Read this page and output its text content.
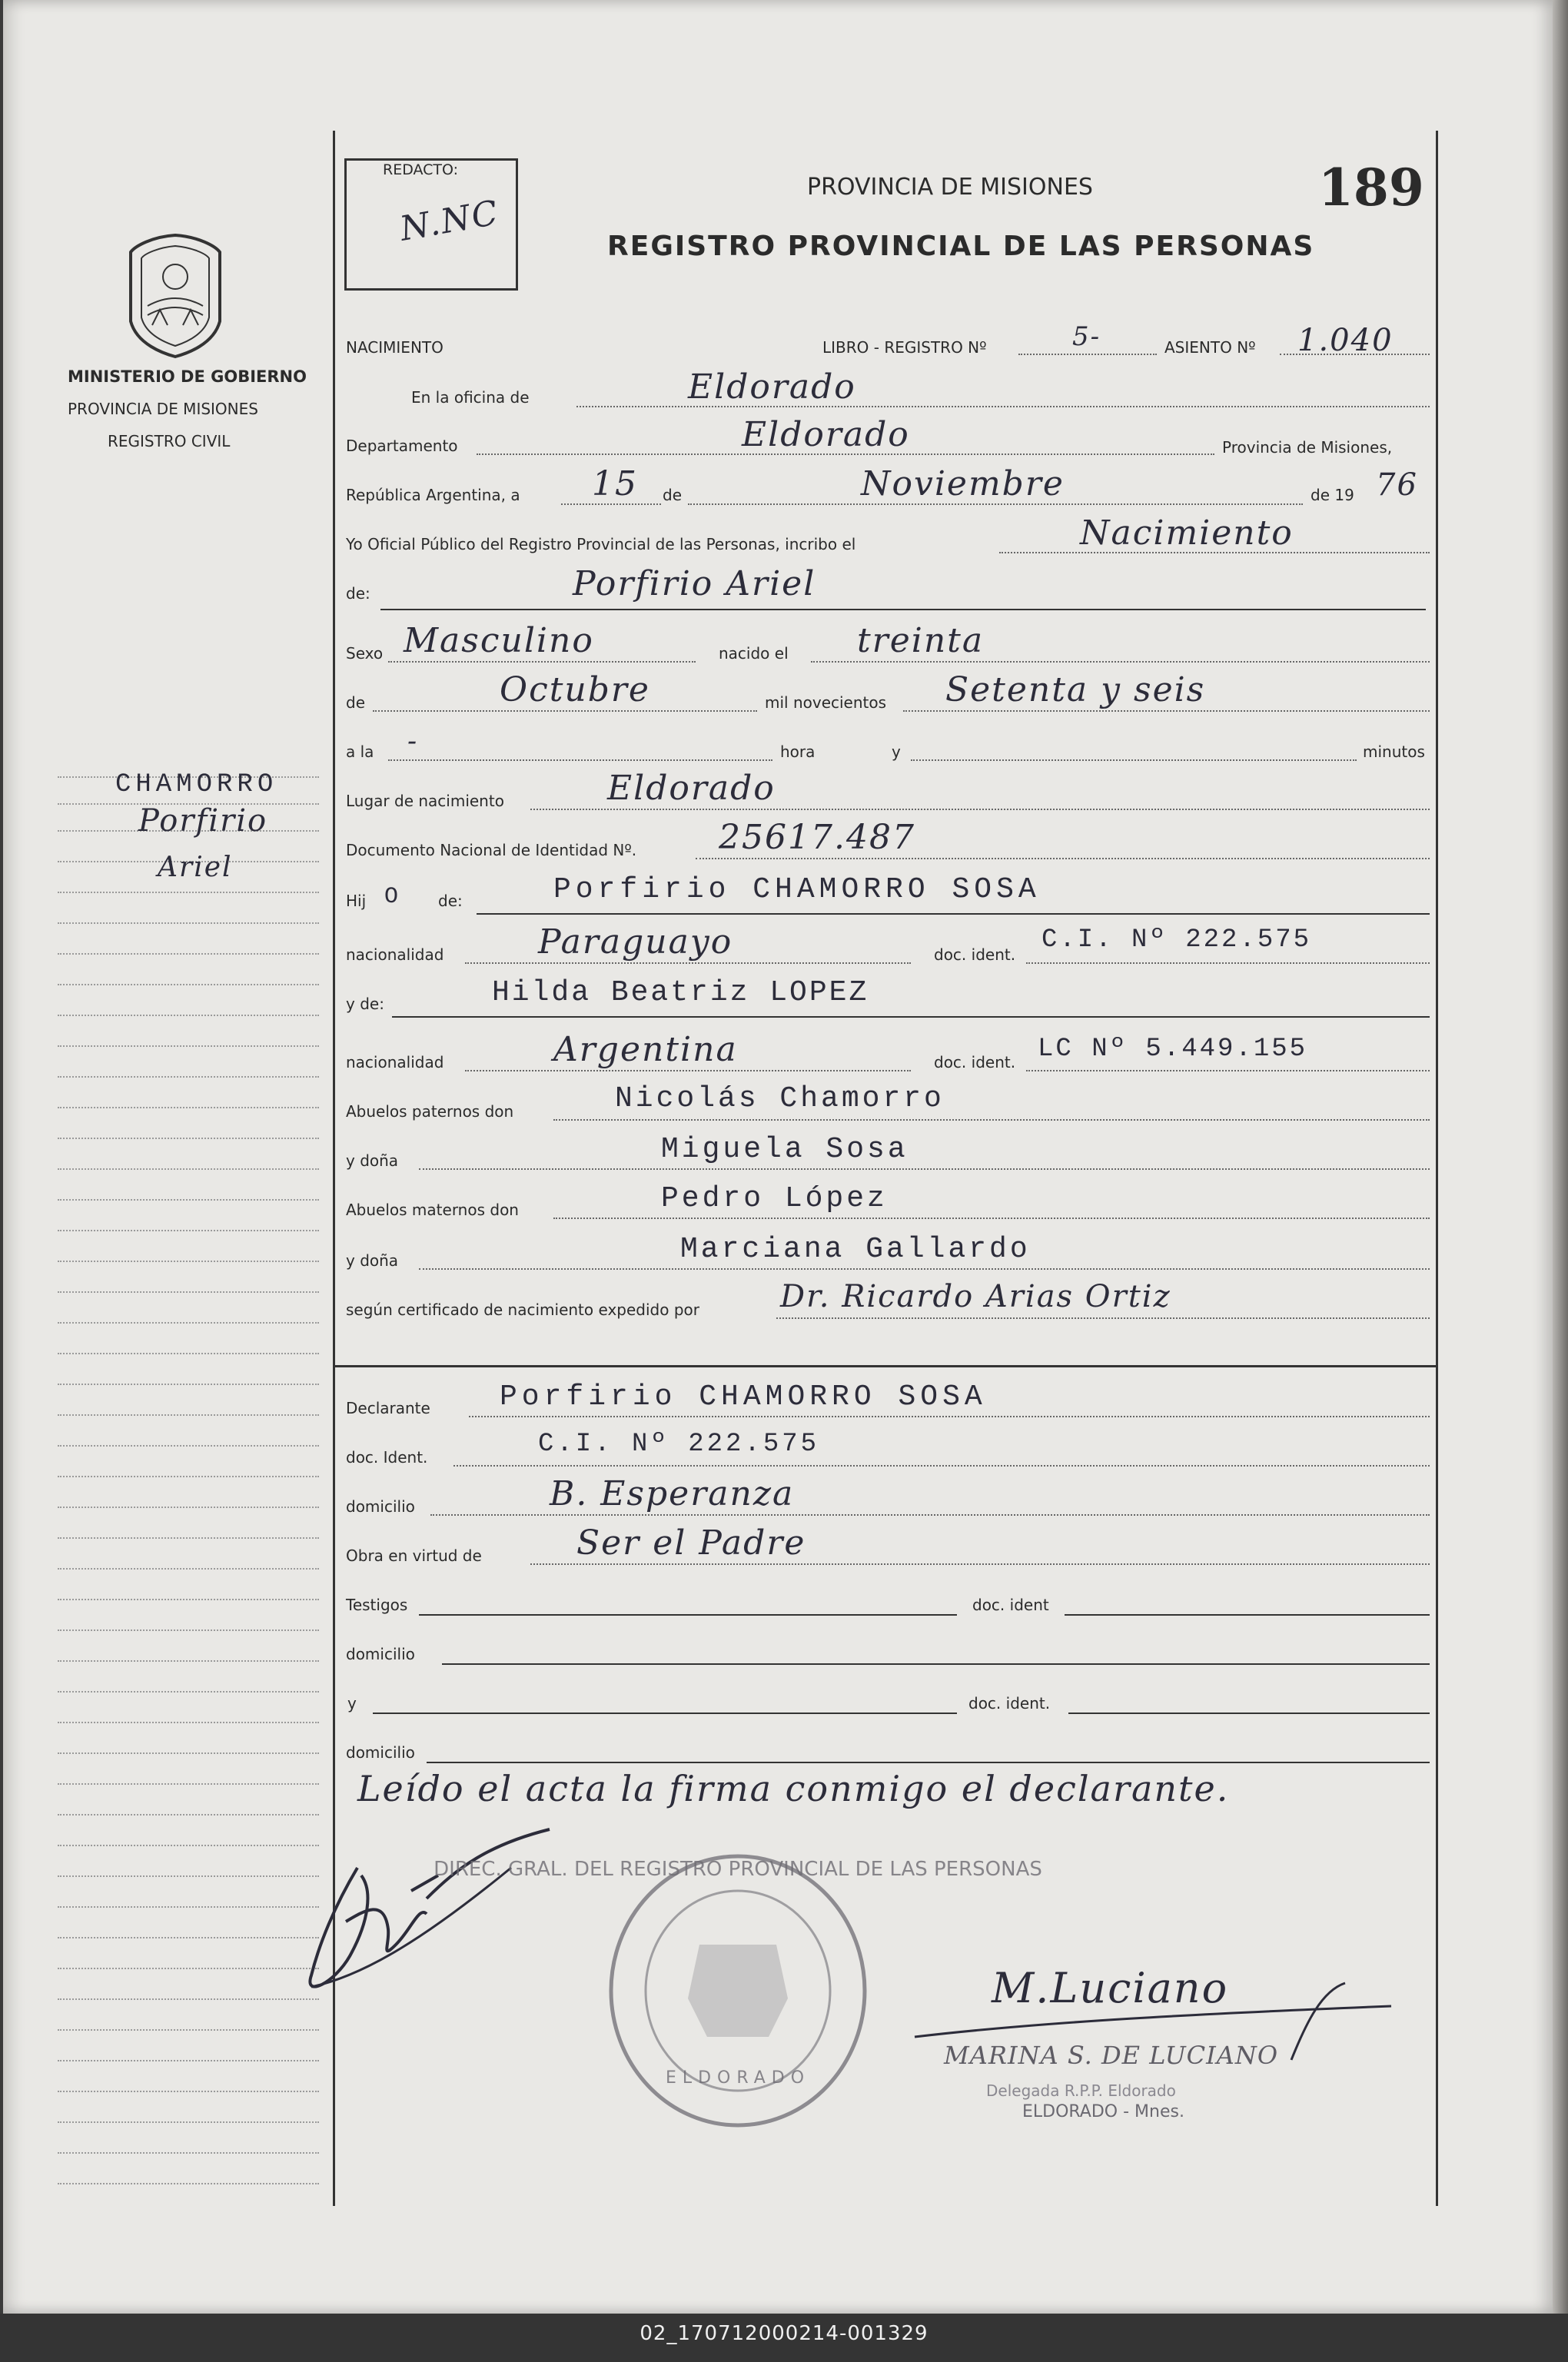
02_170712000214-001329
MINISTERIO DE GOBIERNO
PROVINCIA DE MISIONES
REGISTRO CIVIL
CHAMORRO
Porfirio
Ariel
REDACTO:
N.NC
PROVINCIA DE MISIONES
REGISTRO PROVINCIAL DE LAS PERSONAS
189
NACIMIENTO	LIBRO - REGISTRO Nº	5-	ASIENTO Nº 1.040
En la oficina de	Eldorado
Departamento	Eldorado	Provincia de Misiones,
República Argentina, a 15 de	Noviembre	de 19 76
Yo Oficial Público del Registro Provincial de las Personas, incribo el	Nacimiento
de:	Porfirio Ariel
Sexo Masculino	nacido el treinta
de	Octubre	mil novecientos Setenta y seis
a la -	hora	y	minutos
Lugar de nacimiento	Eldorado
Documento Nacional de Identidad Nº. 25617.487
Hij O de:	Porfirio CHAMORRO SOSA
nacionalidad	Paraguayo	doc. ident. C.I. Nº 222.575
y de:	Hilda Beatriz LOPEZ
nacionalidad	Argentina	doc. ident. LC Nº 5.449.155
Abuelos paternos don	Nicolás Chamorro
y doña	Miguela Sosa
Abuelos maternos don	Pedro López
y doña	Marciana Gallardo
según certificado de nacimiento expedido por	Dr. Ricardo Arias Ortiz
Declarante Porfirio CHAMORRO SOSA
doc. Ident.	C.I. Nº 222.575
domicilio	B. Esperanza
Obra en virtud de	Ser el Padre
Testigos	doc. ident
domicilio
y	doc. ident.
domicilio
Leído el acta la firma conmigo el declarante.
DIREC. GRAL. DEL REGISTRO PROVINCIAL DE LAS PERSONAS
ELDORADO
M.Luciano
MARINA S. DE LUCIANO
Delegada R.P.P. Eldorado
ELDORADO - Mnes.
